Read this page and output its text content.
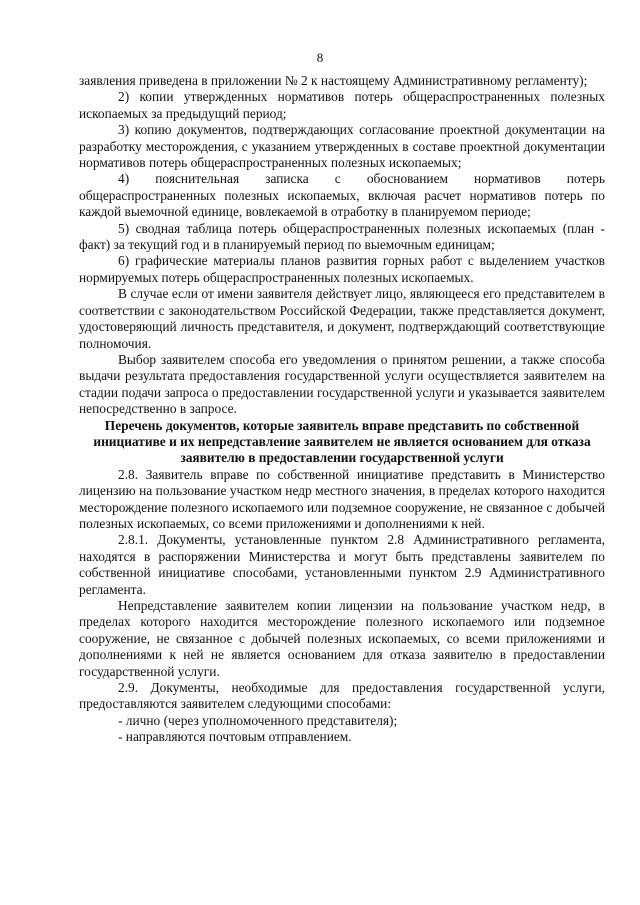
8

заявления приведена в приложении № 2 к настоящему Административному регламенту);

2) копии утвержденных нормативов потерь общераспространенных полезных ископаемых за предыдущий период;

3) копию документов, подтверждающих согласование проектной документации на разработку месторождения, с указанием утвержденных в составе проектной документации нормативов потерь общераспространенных полезных ископаемых;

4) пояснительная записка с обоснованием нормативов потерь общераспространенных полезных ископаемых, включая расчет нормативов потерь по каждой выемочной единице, вовлекаемой в отработку в планируемом периоде;

5) сводная таблица потерь общераспространенных полезных ископаемых (план - факт) за текущий год и в планируемый период по выемочным единицам;

6) графические материалы планов развития горных работ с выделением участков нормируемых потерь общераспространенных полезных ископаемых.

В случае если от имени заявителя действует лицо, являющееся его представителем в соответствии с законодательством Российской Федерации, также представляется документ, удостоверяющий личность представителя, и документ, подтверждающий соответствующие полномочия.

Выбор заявителем способа его уведомления о принятом решении, а также способа выдачи результата предоставления государственной услуги осуществляется заявителем на стадии подачи запроса о предоставлении государственной услуги и указывается заявителем непосредственно в запросе.

Перечень документов, которые заявитель вправе представить по собственной инициативе и их непредставление заявителем не является основанием для отказа заявителю в предоставлении государственной услуги

2.8. Заявитель вправе по собственной инициативе представить в Министерство лицензию на пользование участком недр местного значения, в пределах которого находится месторождение полезного ископаемого или подземное сооружение, не связанное с добычей полезных ископаемых, со всеми приложениями и дополнениями к ней.

2.8.1. Документы, установленные пунктом 2.8 Административного регламента, находятся в распоряжении Министерства и могут быть представлены заявителем по собственной инициативе способами, установленными пунктом 2.9 Административного регламента.

Непредставление заявителем копии лицензии на пользование участком недр, в пределах которого находится месторождение полезного ископаемого или подземное сооружение, не связанное с добычей полезных ископаемых, со всеми приложениями и дополнениями к ней не является основанием для отказа заявителю в предоставлении государственной услуги.

2.9. Документы, необходимые для предоставления государственной услуги, предоставляются заявителем следующими способами:

- лично (через уполномоченного представителя);

- направляются почтовым отправлением.
